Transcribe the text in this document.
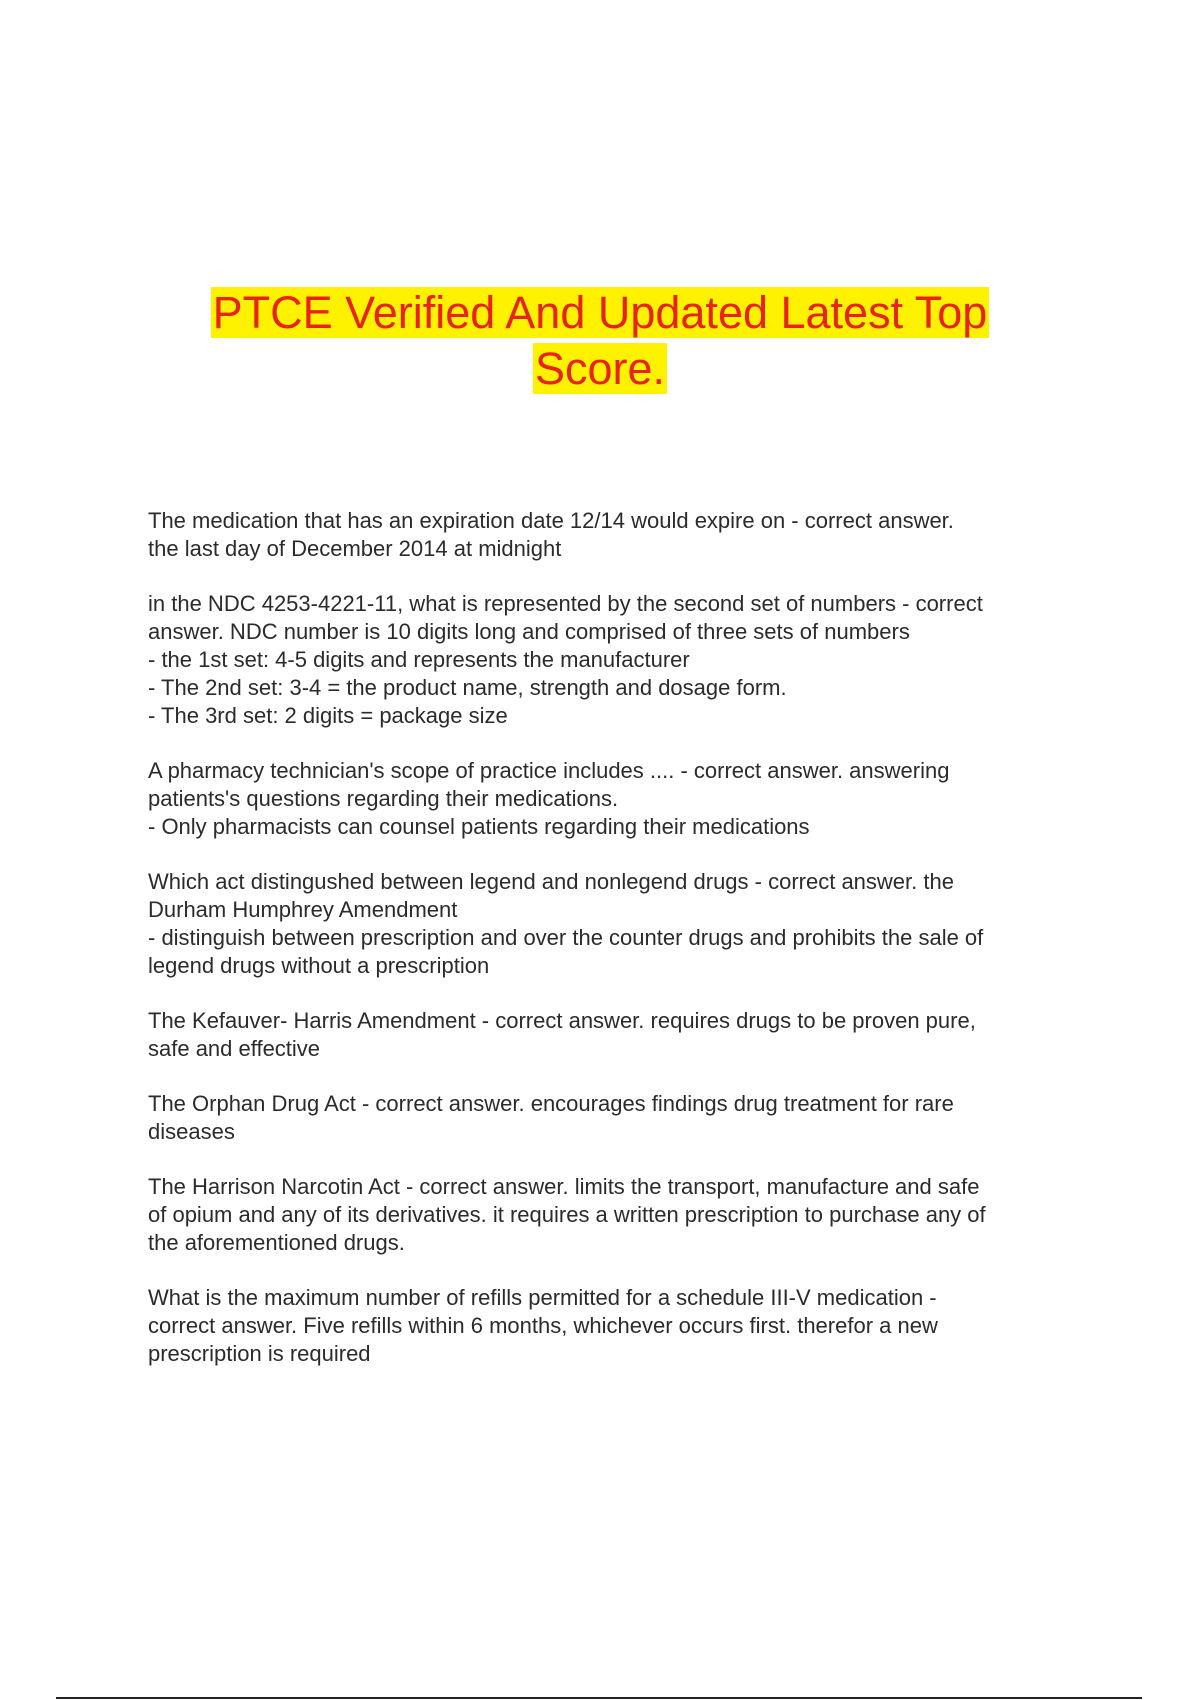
PTCE Verified And Updated Latest Top
Score.
The medication that has an expiration date 12/14 would expire on - correct answer.
the last day of December 2014 at midnight
in the NDC 4253-4221-11, what is represented by the second set of numbers - correct
answer. NDC number is 10 digits long and comprised of three sets of numbers
- the 1st set: 4-5 digits and represents the manufacturer
- The 2nd set: 3-4 = the product name, strength and dosage form.
- The 3rd set: 2 digits = package size
A pharmacy technician's scope of practice includes .... - correct answer. answering
patients's questions regarding their medications.
- Only pharmacists can counsel patients regarding their medications
Which act distingushed between legend and nonlegend drugs - correct answer. the
Durham Humphrey Amendment
- distinguish between prescription and over the counter drugs and prohibits the sale of
legend drugs without a prescription
The Kefauver- Harris Amendment - correct answer. requires drugs to be proven pure,
safe and effective
The Orphan Drug Act - correct answer. encourages findings drug treatment for rare
diseases
The Harrison Narcotin Act - correct answer. limits the transport, manufacture and safe
of opium and any of its derivatives. it requires a written prescription to purchase any of
the aforementioned drugs.
What is the maximum number of refills permitted for a schedule III-V medication -
correct answer. Five refills within 6 months, whichever occurs first. therefor a new
prescription is required
